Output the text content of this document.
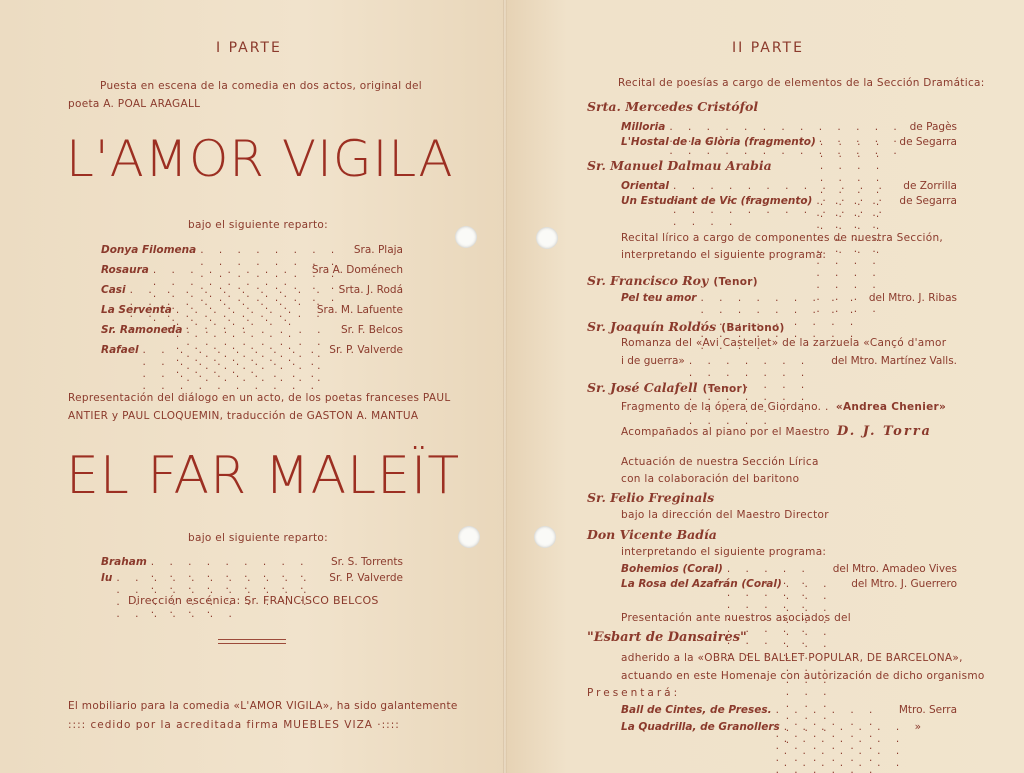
I PARTE
Puesta en escena de la comedia en dos actos, original del
poeta A. POAL ARAGALL
L'AMOR VIGILA
bajo el siguiente reparto:
Donya Filomena . . .	Sra. Plaja
Rosaura . . .	Sra A. Doménech
Casi . . .	Srta. J. Rodá
La Serventa . . .	Sra. M. Lafuente
Sr. Ramoneda . . .	Sr. F. Belcos
Rafael . . .	Sr. P. Valverde
Representación del diálogo en un acto, de los poetas franceses PAUL
ANTIER y PAUL CLOQUEMIN, traducción de GASTON A. MANTUA
EL FAR MALEÏT
bajo el siguiente reparto:
Braham . . .	Sr. S. Torrents
Iu . . .	Sr. P. Valverde
Dirección escénica: Sr. FRANCISCO BELCOS
El mobiliario para la comedia «L'AMOR VIGILA», ha sido galantemente
:::: cedido por la acreditada firma MUEBLES VIZA ·::::
II PARTE
Recital de poesías a cargo de elementos de la Sección Dramática:
Srta. Mercedes Cristófol
Milloria . . .	de Pagès
L'Hostal de la Glòria (fragmento) . . .	de Segarra
Sr. Manuel Dalmau Arabia
Oriental . . .	de Zorrilla
Un Estudiant de Vic (fragmento) . . .	de Segarra
Recital lírico a cargo de componentes de nuestra Sección,
interpretando el siguiente programa:
Sr. Francisco Roy (Tenor)
Pel teu amor . . .	del Mtro. J. Ribas
Sr. Joaquín Roldós (Baritono)
Romanza del «Avi Castellet» de la zarzuela «Cançó d'amor
i de guerra» . . .	del Mtro. Martínez Valls.
Sr. José Calafell (Tenor)
Fragmento de la ópera de Giordano. .  «Andrea Chenier»
Acompañados al piano por el Maestro D. J. Torra
Actuación de nuestra Sección Lírica
con la colaboración del baritono
Sr. Felio Freginals
bajo la dirección del Maestro Director
Don Vicente Badía
interpretando el siguiente programa:
Bohemios (Coral) . . .	del Mtro. Amadeo Vives
La Rosa del Azafrán (Coral) . . .	del Mtro. J. Guerrero
Presentación ante nuestros asociados del
"Esbart de Dansaires"
adherido a la «OBRA DEL BALLET POPULAR, DE BARCELONA»,
actuando en este Homenaje con autorización de dicho organismo
Presentará:
Ball de Cintes, de Preses. . . .	Mtro. Serra
La Quadrilla, de Granollers . . .	»
